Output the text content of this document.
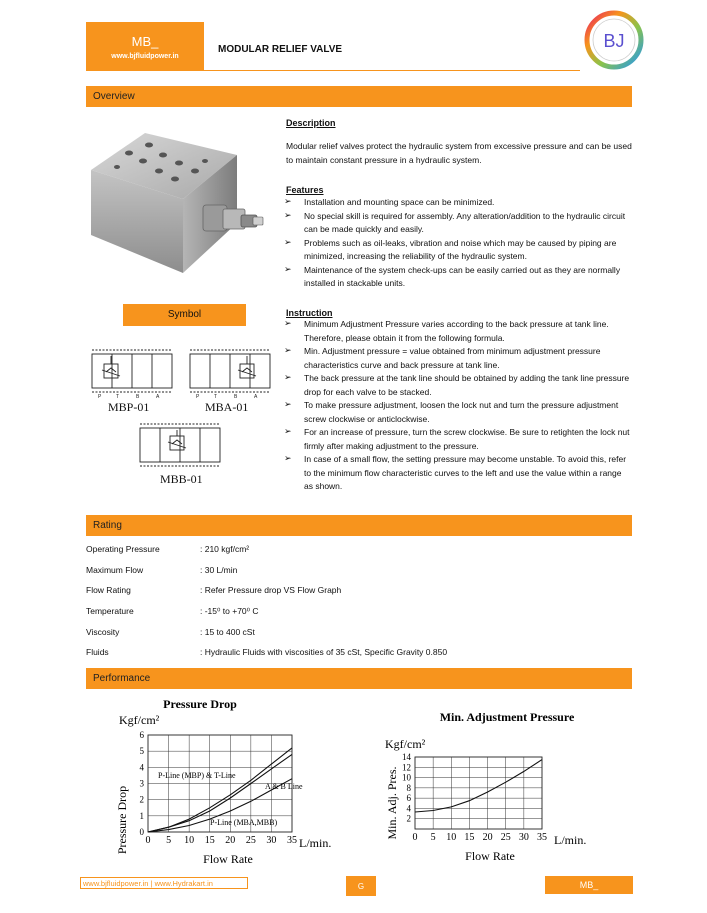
MB_
www.bjfluidpower.in
MODULAR RELIEF VALVE	BJ
Overview
Description

Modular relief valves protect the hydraulic system from excessive pressure and can be used to maintain constant pressure in a hydraulic system.

Features
➢ Installation and mounting space can be minimized.
➢ No special skill is required for assembly. Any alteration/addition to the hydraulic circuit can be made quickly and easily.
➢ Problems such as oil-leaks, vibration and noise which may be caused by piping are minimized, increasing the reliability of the hydraulic system.
➢ Maintenance of the system check-ups can be easily carried out as they are normally installed in stackable units.
Symbol	Instruction
➢ Minimum Adjustment Pressure varies according to the back pressure at tank line. Therefore, please obtain it from the following formula.
➢ Min. Adjustment pressure = value obtained from minimum adjustment pressure characteristics curve and back pressure at tank line.
➢ The back pressure at the tank line should be obtained by adding the tank line pressure drop for each valve to be stacked.
➢ To make pressure adjustment, loosen the lock nut and turn the pressure adjustment screw clockwise or anticlockwise.
➢ For an increase of pressure, turn the screw clockwise. Be sure to retighten the lock nut firmly after making adjustment to the pressure.
➢ In case of a small flow, the setting pressure may become unstable. To avoid this, refer to the minimum flow characteristic curves to the left and use the value within a range as shown.
P	T	B	A	P	T	B	A
MBP-01	MBA-01
MBB-01
Rating
Operating Pressure	: 210 kgf/cm²
Maximum Flow	: 30 L/min
Flow Rating	: Refer Pressure drop VS Flow Graph
Temperature	: -15⁰ to +70⁰ C
Viscosity	: 15 to 400 cSt
Fluids	: Hydraulic Fluids with viscosities of 35 cSt, Specific Gravity 0.850
Performance
Pressure Drop
Kgf/cm²
Pressure Drop
Flow Rate
L/min.
0 5 10 15 20 25 30 35
0
1
2
3
4
5
6
P-Line (MBP) & T-Line
A & B Line
P-Line (MBA,MBB)
Min. Adjustment Pressure
Kgf/cm²
Min. Adj. Pres.
Flow Rate
L/min.
0 5 10 15 20 25 30 35
2
4
6
8
10
12
14
www.bjfluidpower.in | www.Hydrakart.in	G	MB_
